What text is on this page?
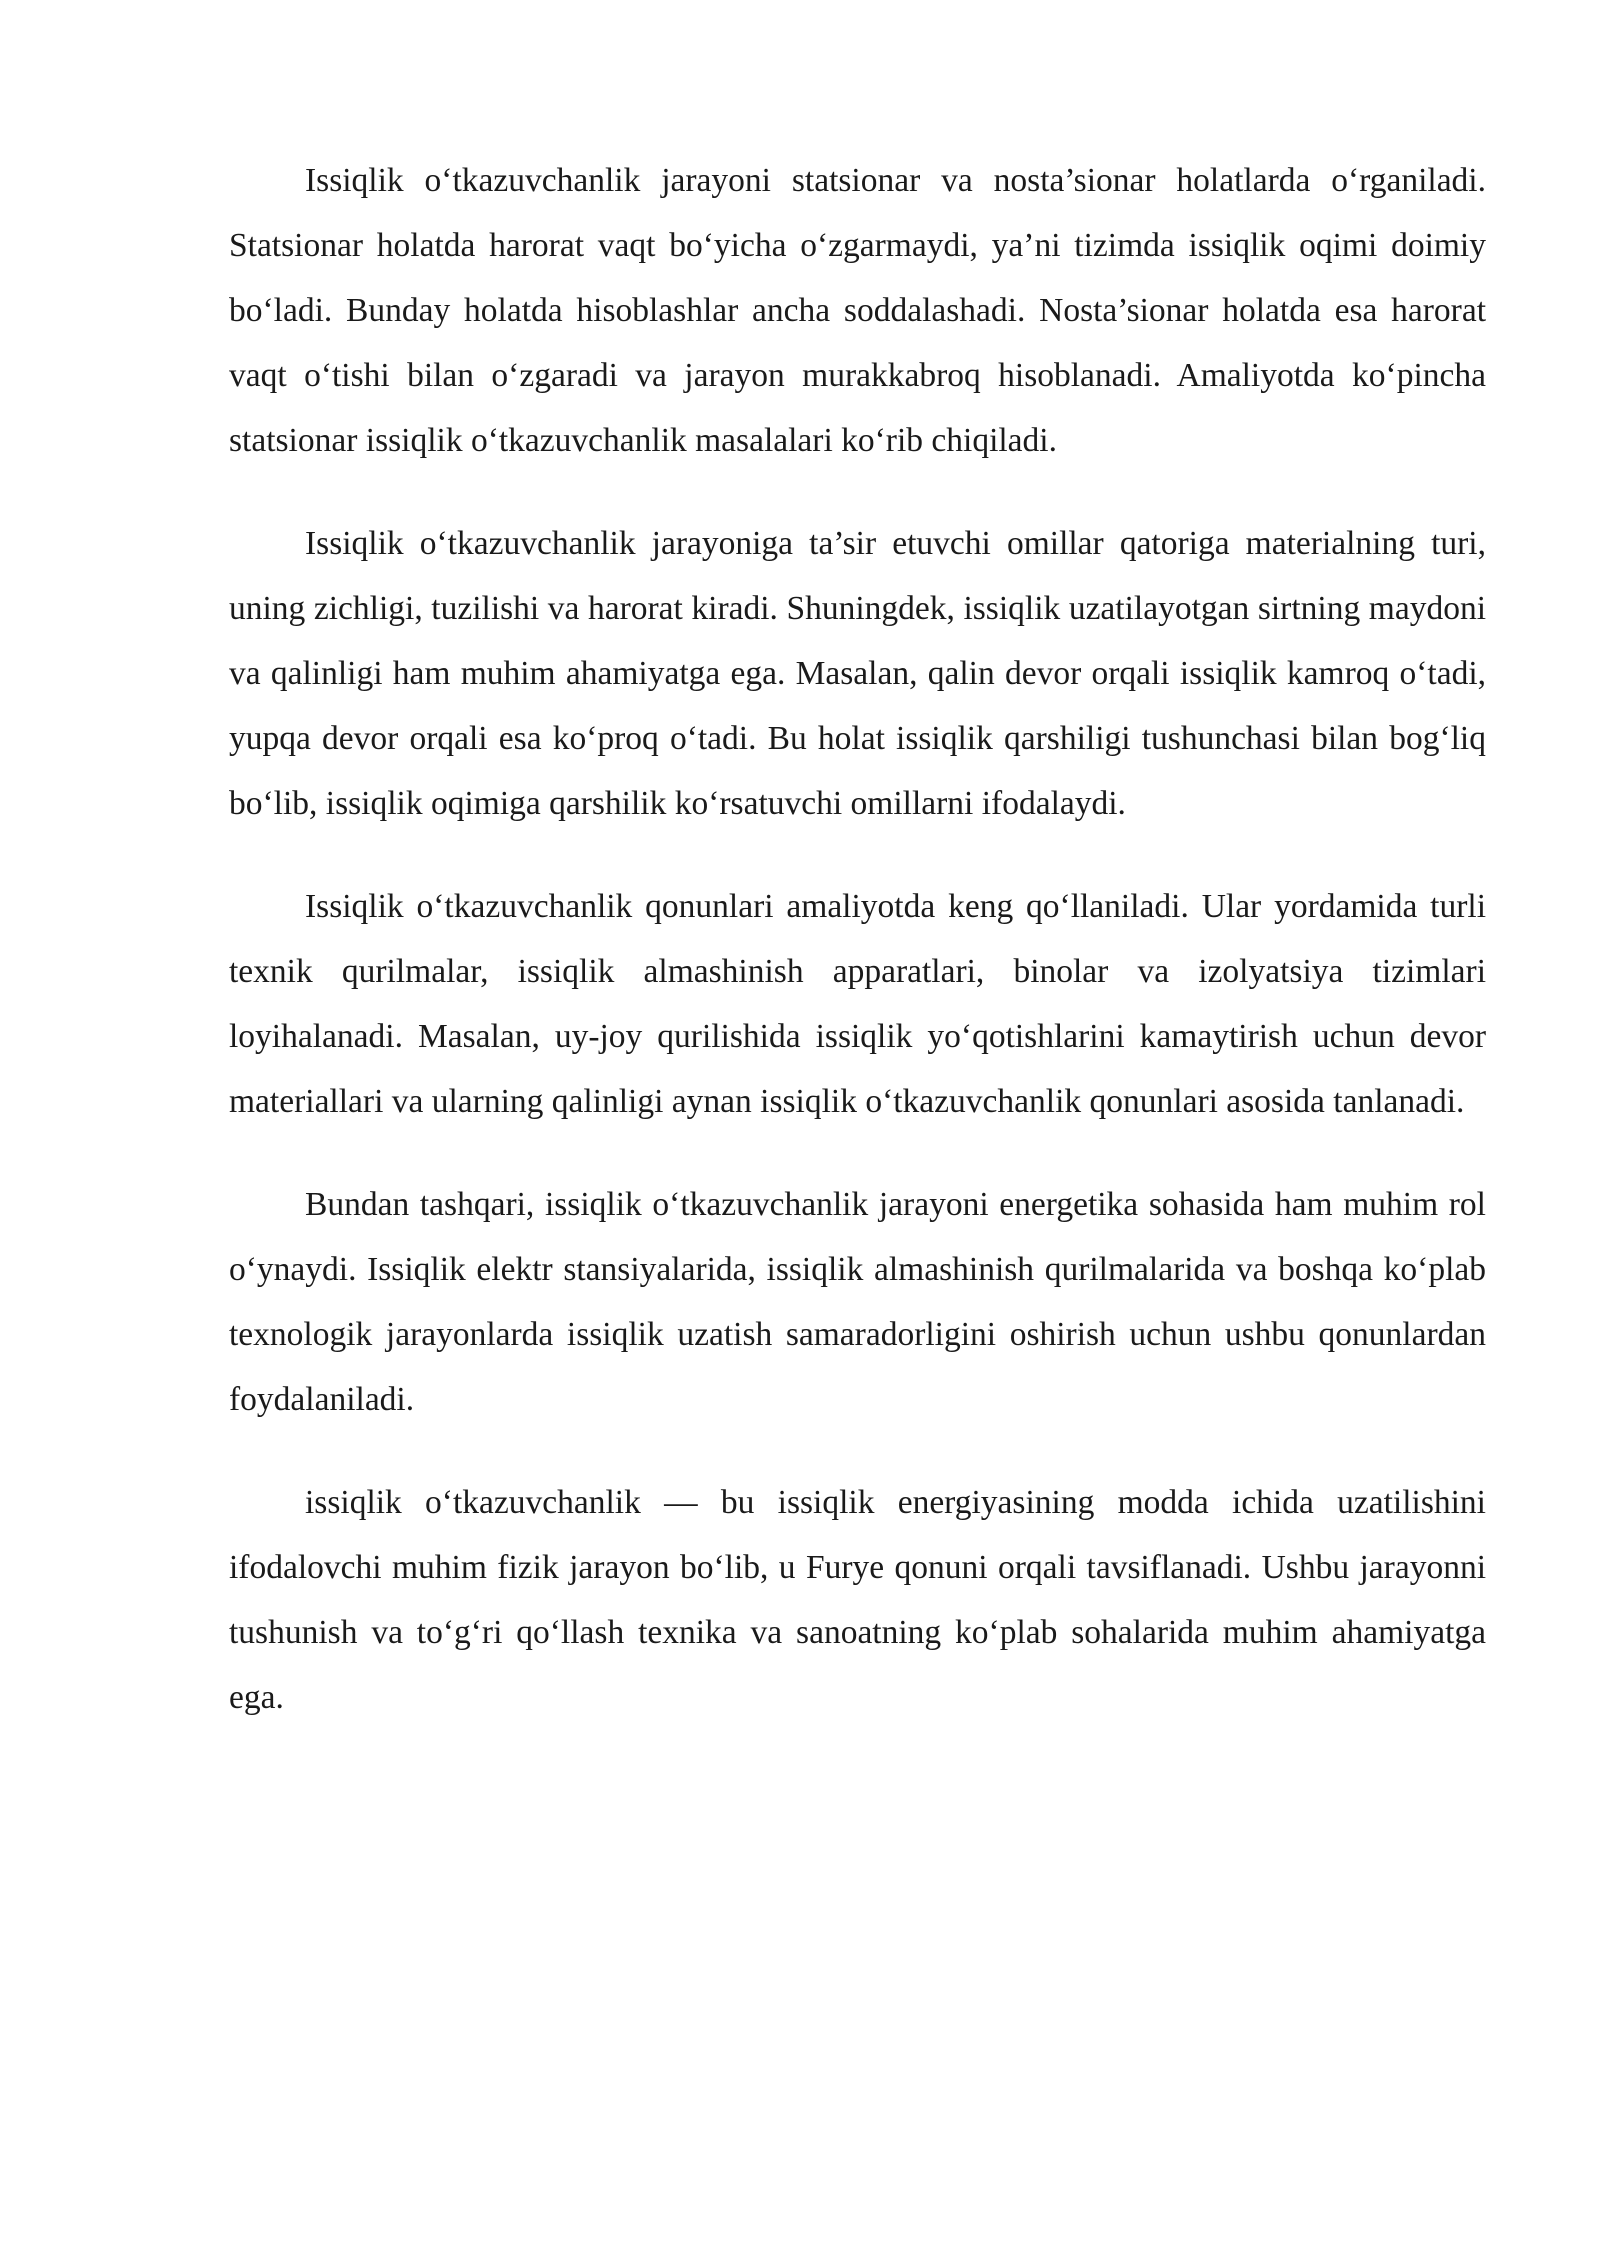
Issiqlik o‘tkazuvchanlik jarayoni statsionar va nosta’sionar holatlarda o‘rganiladi. Statsionar holatda harorat vaqt bo‘yicha o‘zgarmaydi, ya’ni tizimda issiqlik oqimi doimiy bo‘ladi. Bunday holatda hisoblashlar ancha soddalashadi. Nosta’sionar holatda esa harorat vaqt o‘tishi bilan o‘zgaradi va jarayon murakkabroq hisoblanadi. Amaliyotda ko‘pincha statsionar issiqlik o‘tkazuvchanlik masalalari ko‘rib chiqiladi.

Issiqlik o‘tkazuvchanlik jarayoniga ta’sir etuvchi omillar qatoriga materialning turi, uning zichligi, tuzilishi va harorat kiradi. Shuningdek, issiqlik uzatilayotgan sirtning maydoni va qalinligi ham muhim ahamiyatga ega. Masalan, qalin devor orqali issiqlik kamroq o‘tadi, yupqa devor orqali esa ko‘proq o‘tadi. Bu holat issiqlik qarshiligi tushunchasi bilan bog‘liq bo‘lib, issiqlik oqimiga qarshilik ko‘rsatuvchi omillarni ifodalaydi.

Issiqlik o‘tkazuvchanlik qonunlari amaliyotda keng qo‘llaniladi. Ular yordamida turli texnik qurilmalar, issiqlik almashinish apparatlari, binolar va izolyatsiya tizimlari loyihalanadi. Masalan, uy-joy qurilishida issiqlik yo‘qotishlarini kamaytirish uchun devor materiallari va ularning qalinligi aynan issiqlik o‘tkazuvchanlik qonunlari asosida tanlanadi.

Bundan tashqari, issiqlik o‘tkazuvchanlik jarayoni energetika sohasida ham muhim rol o‘ynaydi. Issiqlik elektr stansiyalarida, issiqlik almashinish qurilmalarida va boshqa ko‘plab texnologik jarayonlarda issiqlik uzatish samaradorligini oshirish uchun ushbu qonunlardan foydalaniladi.

issiqlik o‘tkazuvchanlik — bu issiqlik energiyasining modda ichida uzatilishini ifodalovchi muhim fizik jarayon bo‘lib, u Furye qonuni orqali tavsiflanadi. Ushbu jarayonni tushunish va to‘g‘ri qo‘llash texnika va sanoatning ko‘plab sohalarida muhim ahamiyatga ega.
